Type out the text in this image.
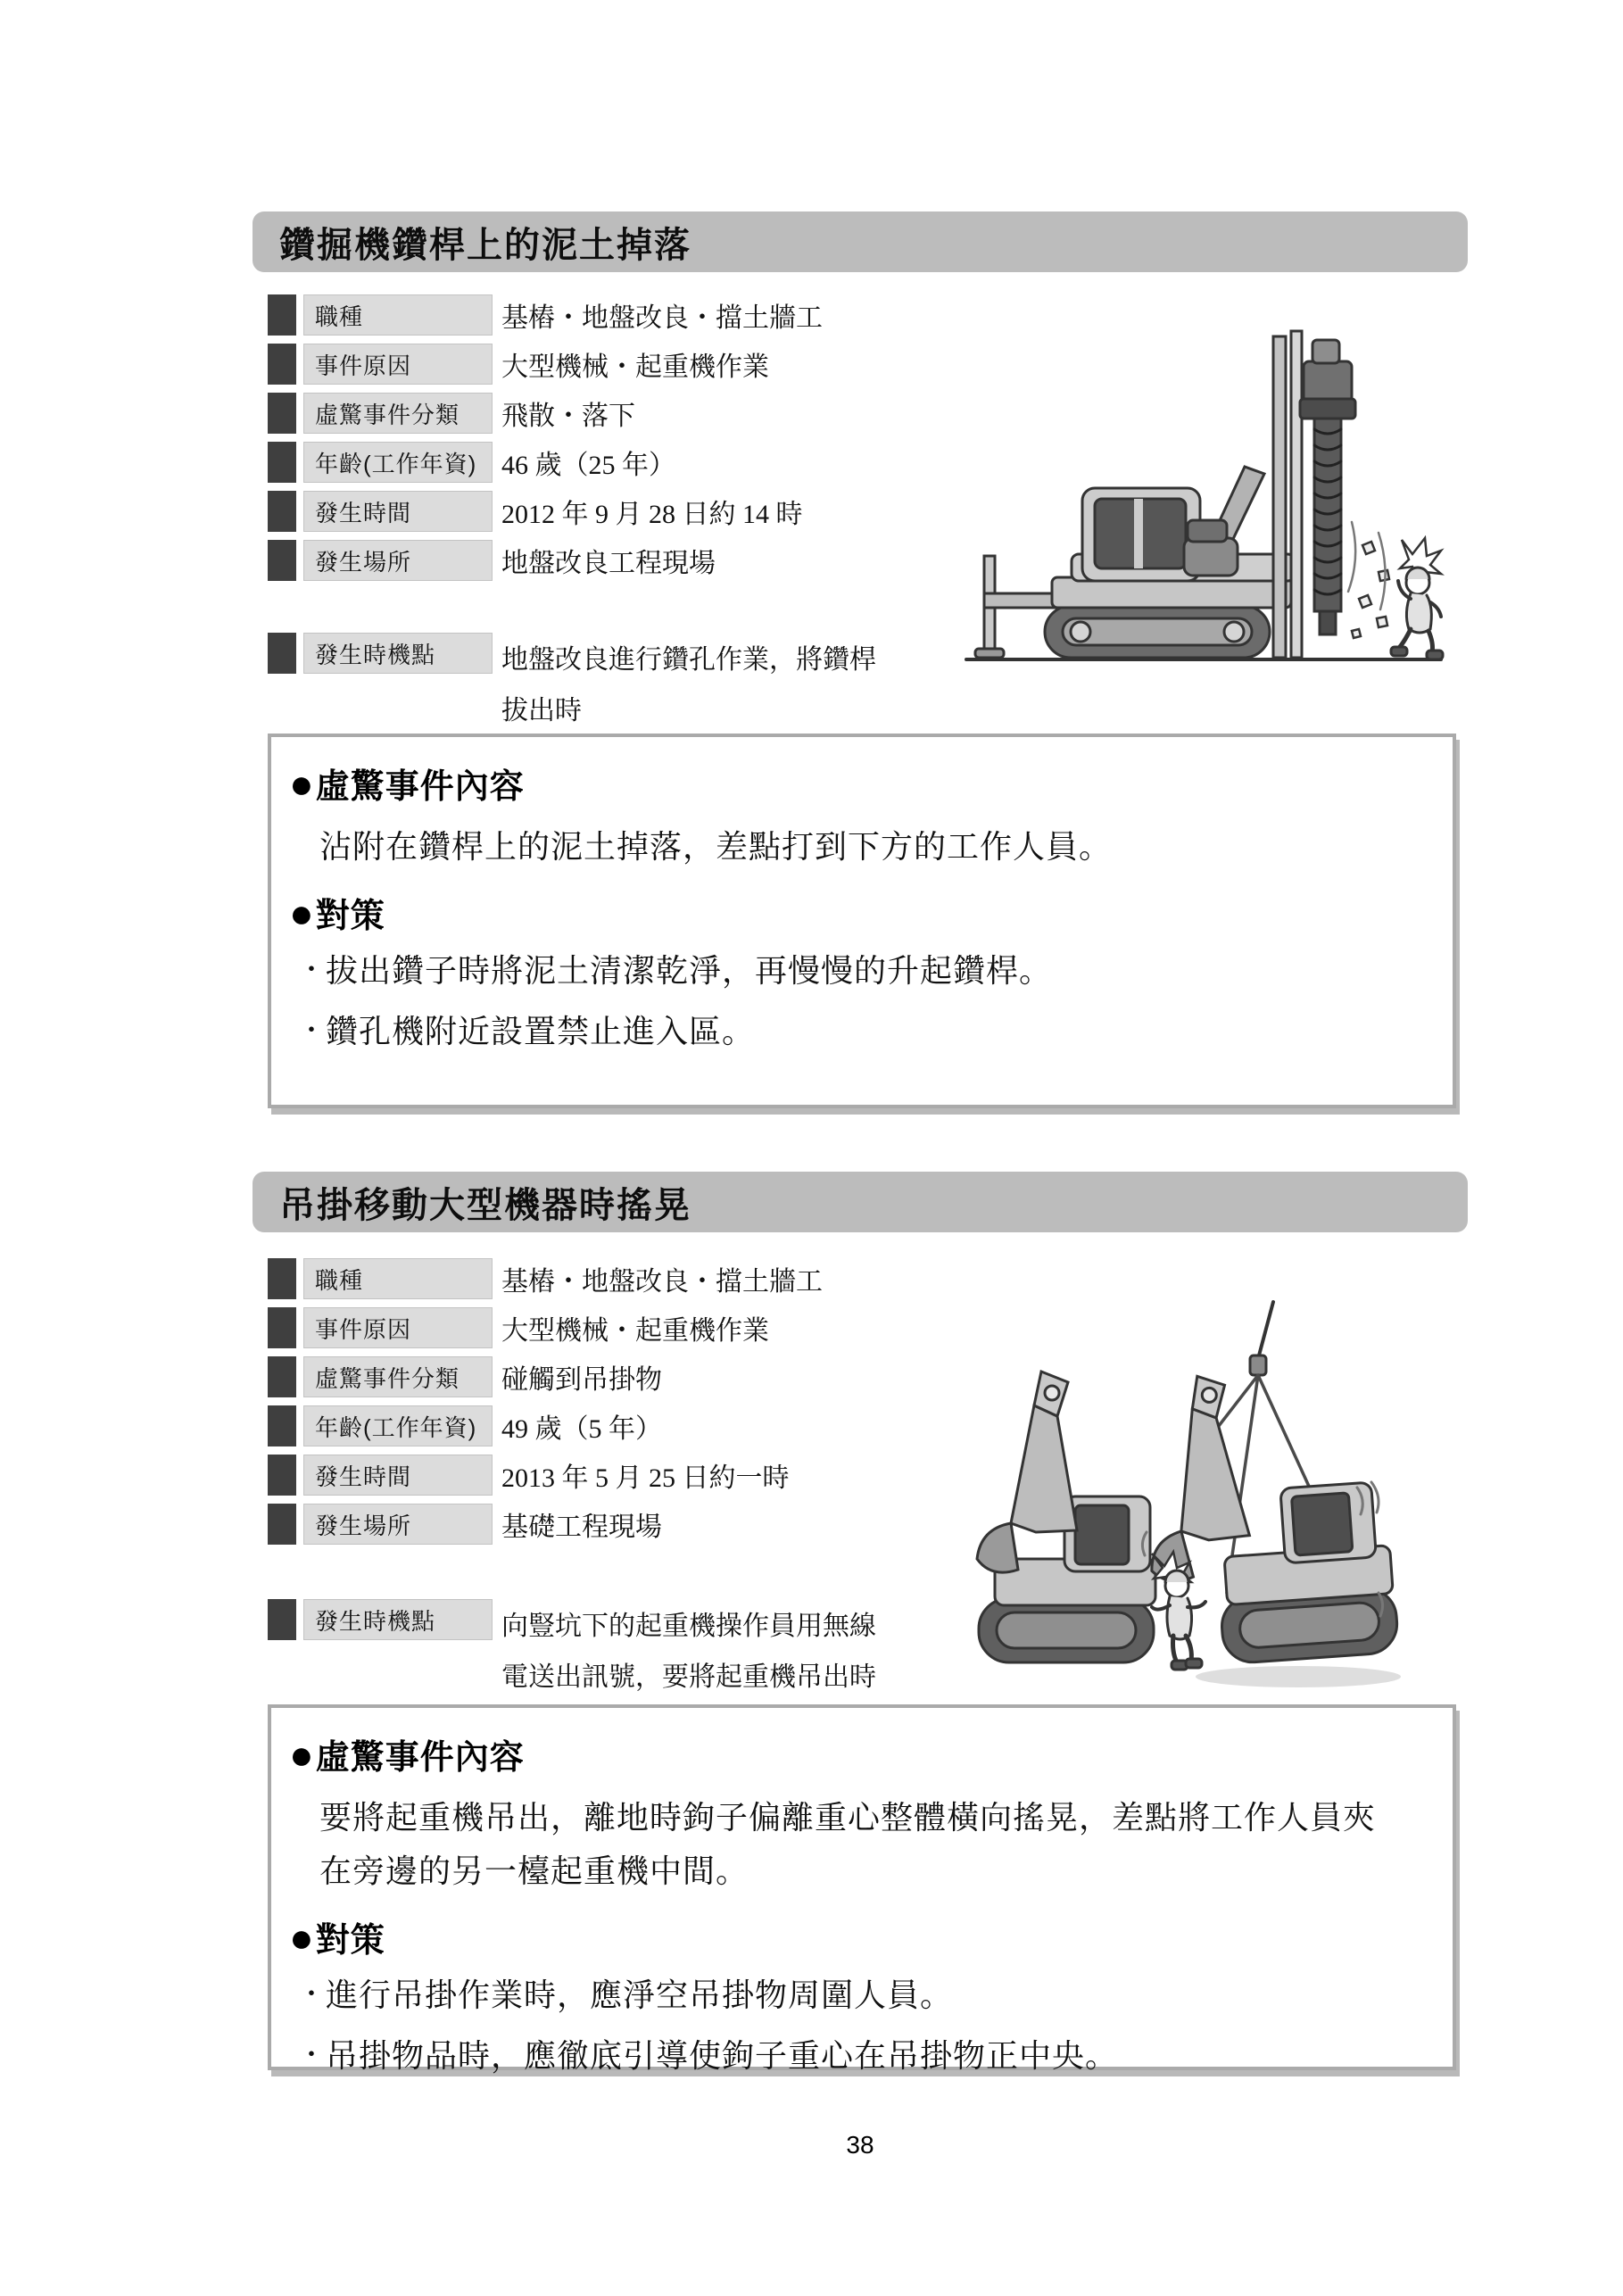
鑽掘機鑽桿上的泥土掉落
職種	基樁・地盤改良・擋土牆工
事件原因	大型機械・起重機作業
虛驚事件分類	飛散・落下
年齡(工作年資) 46 歲（25 年）
發生時間	2012 年 9 月 28 日約 14 時
發生場所	地盤改良工程現場
發生時機點	地盤改良進行鑽孔作業，將鑽桿
拔出時
● 虛驚事件內容

沾附在鑽桿上的泥土掉落，差點打到下方的工作人員。

● 對策
・ 拔出鑽子時將泥土清潔乾淨，再慢慢的升起鑽桿。
・ 鑽孔機附近設置禁止進入區。
吊掛移動大型機器時搖晃
職種	基樁・地盤改良・擋土牆工
事件原因	大型機械・起重機作業
虛驚事件分類	碰觸到吊掛物
年齡(工作年資) 49 歲（5 年）
發生時間	2013 年 5 月 25 日約一時
發生場所	基礎工程現場
發生時機點	向豎坑下的起重機操作員用無線
電送出訊號，要將起重機吊出時
● 虛驚事件內容

要將起重機吊出，離地時鉤子偏離重心整體橫向搖晃，差點將工作人員夾

在旁邊的另一檯起重機中間。

● 對策
・ 進行吊掛作業時，應淨空吊掛物周圍人員。
・ 吊掛物品時，應徹底引導使鉤子重心在吊掛物正中央。
38
